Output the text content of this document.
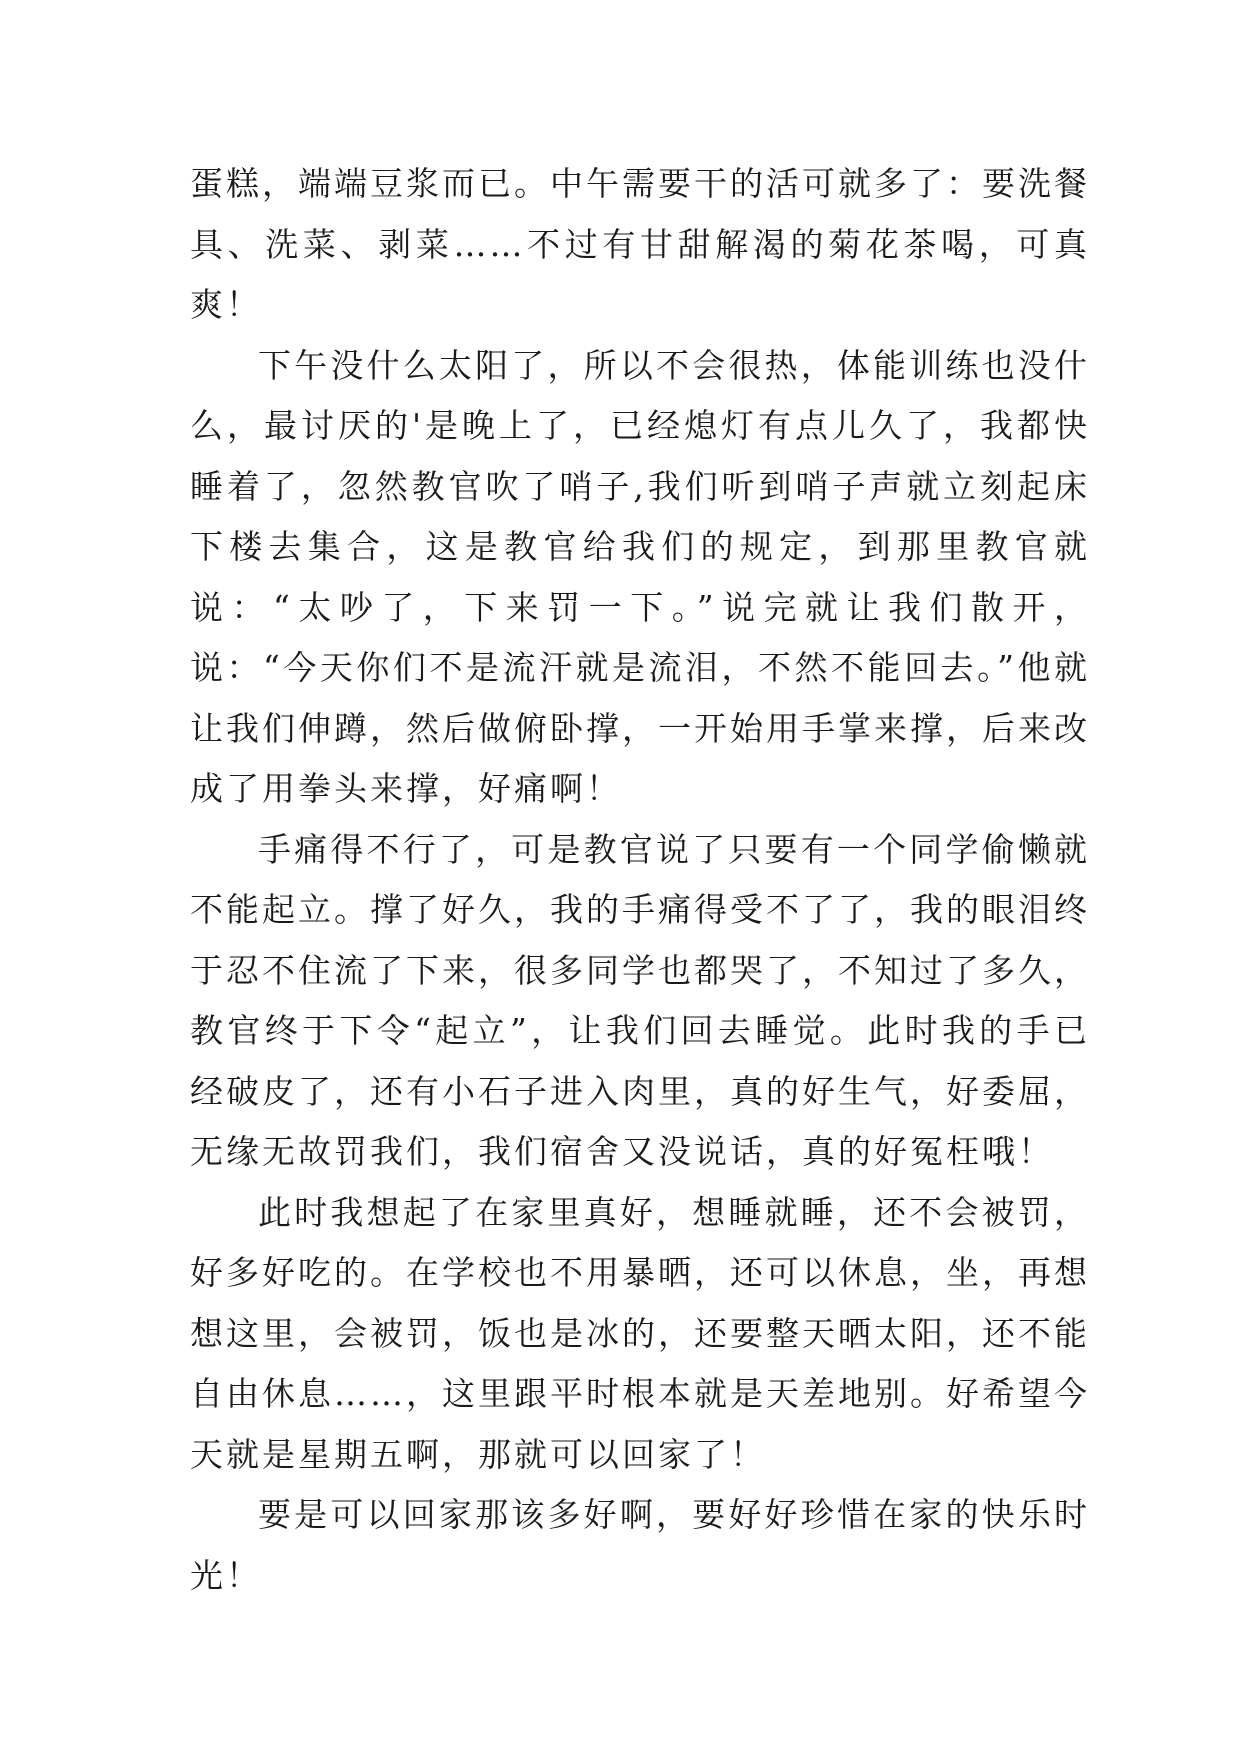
蛋糕，端端豆浆而已。中午需要干的活可就多了：要洗餐具、洗菜、剥菜……不过有甘甜解渴的菊花茶喝，可真爽！

下午没什么太阳了，所以不会很热，体能训练也没什么，最讨厌的'是晚上了，已经熄灯有点儿久了，我都快睡着了，忽然教官吹了哨子,我们听到哨子声就立刻起床下楼去集合，这是教官给我们的规定，到那里教官就说：“太吵了，下来罚一下。”说完就让我们散开，说：“今天你们不是流汗就是流泪，不然不能回去。”他就让我们伸蹲，然后做俯卧撑，一开始用手掌来撑，后来改成了用拳头来撑，好痛啊！

手痛得不行了，可是教官说了只要有一个同学偷懒就不能起立。撑了好久，我的手痛得受不了了，我的眼泪终于忍不住流了下来，很多同学也都哭了，不知过了多久，教官终于下令“起立”，让我们回去睡觉。此时我的手已经破皮了，还有小石子进入肉里，真的好生气，好委屈，无缘无故罚我们，我们宿舍又没说话，真的好冤枉哦！

此时我想起了在家里真好，想睡就睡，还不会被罚，好多好吃的。在学校也不用暴晒，还可以休息，坐，再想想这里，会被罚，饭也是冰的，还要整天晒太阳，还不能自由休息……，这里跟平时根本就是天差地别。好希望今天就是星期五啊，那就可以回家了！

要是可以回家那该多好啊，要好好珍惜在家的快乐时光！
